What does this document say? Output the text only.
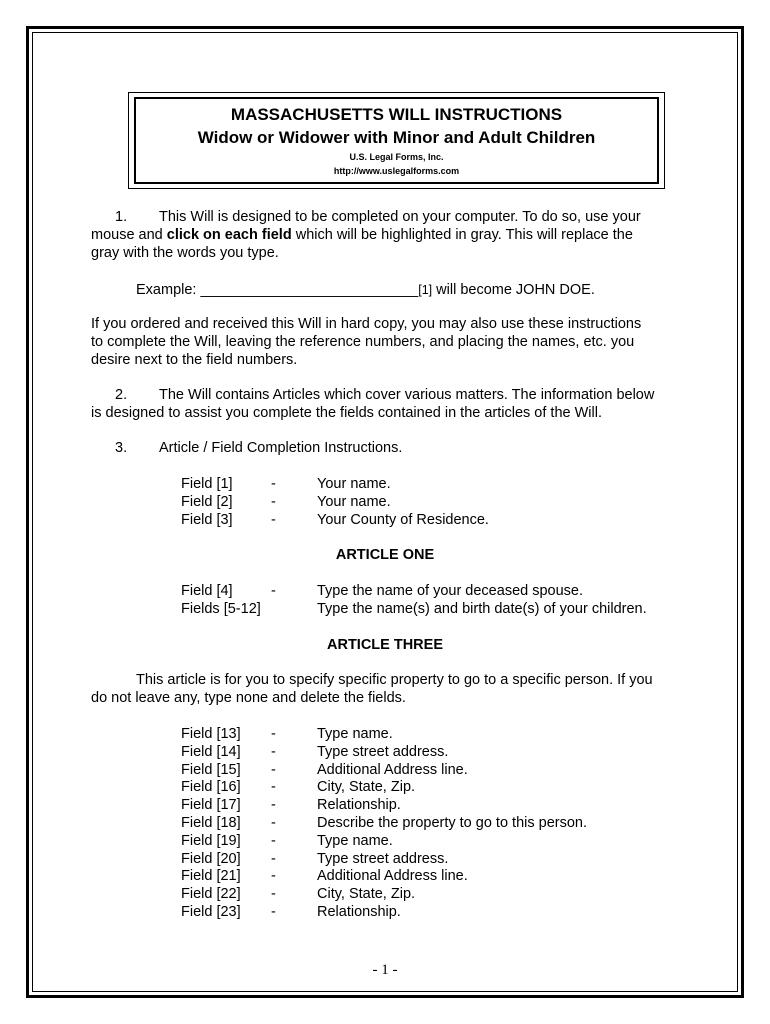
MASSACHUSETTS WILL INSTRUCTIONS

Widow or Widower with Minor and Adult Children

U.S. Legal Forms, Inc.

http://www.uslegalforms.com

1. This Will is designed to be completed on your computer. To do so, use your

mouse and click on each field which will be highlighted in gray. This will replace the

gray with the words you type.

Example: ___________________________[1] will become JOHN DOE.

If you ordered and received this Will in hard copy, you may also use these instructions

to complete the Will, leaving the reference numbers, and placing the names, etc. you

desire next to the field numbers.

2. The Will contains Articles which cover various matters. The information below

is designed to assist you complete the fields contained in the articles of the Will.

3. Article / Field Completion Instructions.

Field [1]	-	Your name.
Field [2]	-	Your name.
Field [3]	-	Your County of Residence.

ARTICLE ONE

Field [4]	-	Type the name of your deceased spouse.
Fields [5-12]	Type the name(s) and birth date(s) of your children.

ARTICLE THREE

This article is for you to specify specific property to go to a specific person. If you

do not leave any, type none and delete the fields.

Field [13] -	Type name.
Field [14] -	Type street address.
Field [15] -	Additional Address line.
Field [16] -	City, State, Zip.
Field [17] -	Relationship.
Field [18] -	Describe the property to go to this person.
Field [19] -	Type name.
Field [20] -	Type street address.
Field [21] -	Additional Address line.
Field [22] -	City, State, Zip.
Field [23] -	Relationship.

- 1 -
